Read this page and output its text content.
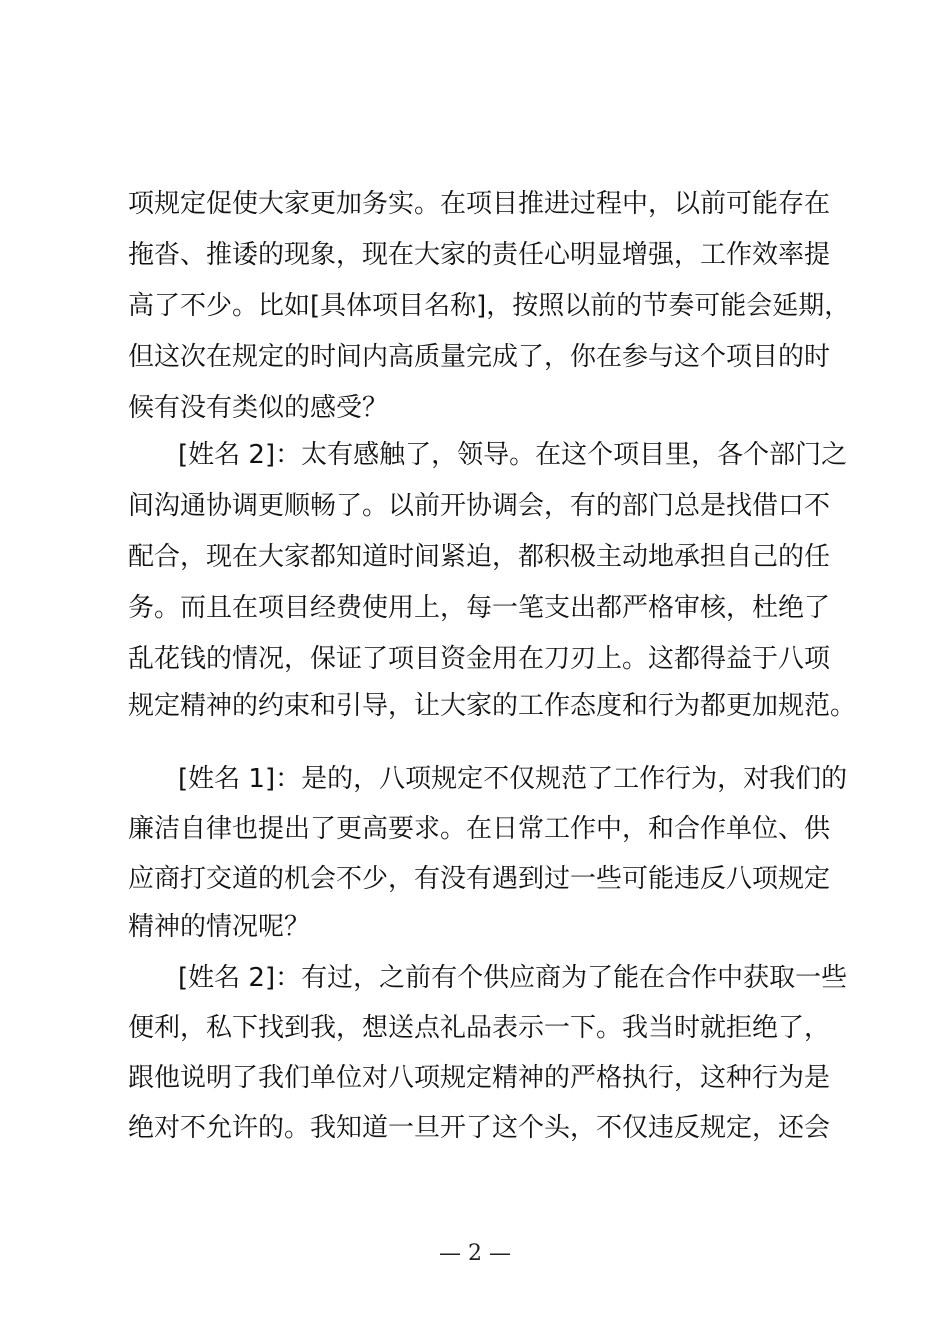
项规定促使大家更加务实。在项目推进过程中，以前可能存在
拖沓、推诿的现象，现在大家的责任心明显增强，工作效率提
高了不少。比如[具体项目名称]，按照以前的节奏可能会延期，
但这次在规定的时间内高质量完成了，你在参与这个项目的时
候有没有类似的感受？
[姓名 2]：太有感触了，领导。在这个项目里，各个部门之
间沟通协调更顺畅了。以前开协调会，有的部门总是找借口不
配合，现在大家都知道时间紧迫，都积极主动地承担自己的任
务。而且在项目经费使用上，每一笔支出都严格审核，杜绝了
乱花钱的情况，保证了项目资金用在刀刃上。这都得益于八项
规定精神的约束和引导，让大家的工作态度和行为都更加规范。
[姓名 1]：是的，八项规定不仅规范了工作行为，对我们的
廉洁自律也提出了更高要求。在日常工作中，和合作单位、供
应商打交道的机会不少，有没有遇到过一些可能违反八项规定
精神的情况呢？
[姓名 2]：有过，之前有个供应商为了能在合作中获取一些
便利，私下找到我，想送点礼品表示一下。我当时就拒绝了，
跟他说明了我们单位对八项规定精神的严格执行，这种行为是
绝对不允许的。我知道一旦开了这个头，不仅违反规定，还会
— 2 —
